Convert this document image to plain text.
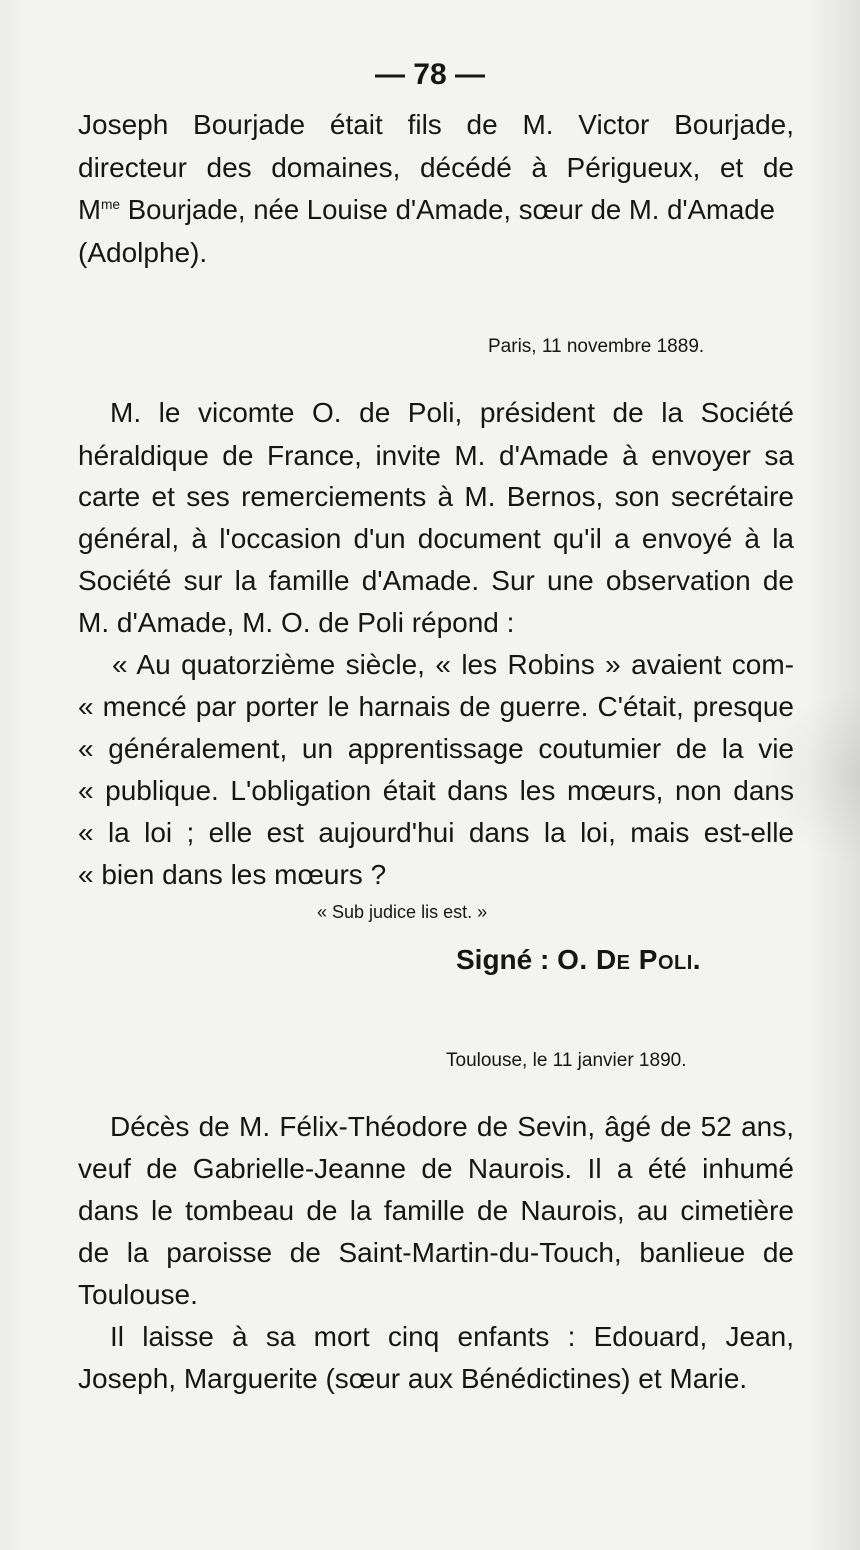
— 78 —
Joseph Bourjade était fils de M. Victor Bourjade,
directeur des domaines, décédé à Périgueux, et de
$M^{me}$ Bourjade, née Louise d'Amade, sœur de M. d'Amade
(Adolphe).
Paris, 11 novembre 1889.
M. le vicomte O. de Poli, président de la Société
héraldique de France, invite M. d'Amade à envoyer sa
carte et ses remerciements à M. Bernos, son secrétaire
général, à l'occasion d'un document qu'il a envoyé à la
Société sur la famille d'Amade. Sur une observation de
M. d'Amade, M. O. de Poli répond :
« Au quatorzième siècle, « les Robins » avaient com-
« mencé par porter le harnais de guerre. C'était, presque
« généralement, un apprentissage coutumier de la vie
« publique. L'obligation était dans les mœurs, non dans
« la loi ; elle est aujourd'hui dans la loi, mais est-elle
« bien dans les mœurs ?
« Sub judice lis est. »
Signé : O. De Poli.
Toulouse, le 11 janvier 1890.
Décès de M. Félix-Théodore de Sevin, âgé de 52 ans,
veuf de Gabrielle-Jeanne de Naurois. Il a été inhumé
dans le tombeau de la famille de Naurois, au cimetière
de la paroisse de Saint-Martin-du-Touch, banlieue de
Toulouse.
Il laisse à sa mort cinq enfants : Edouard, Jean,
Joseph, Marguerite (sœur aux Bénédictines) et Marie.
